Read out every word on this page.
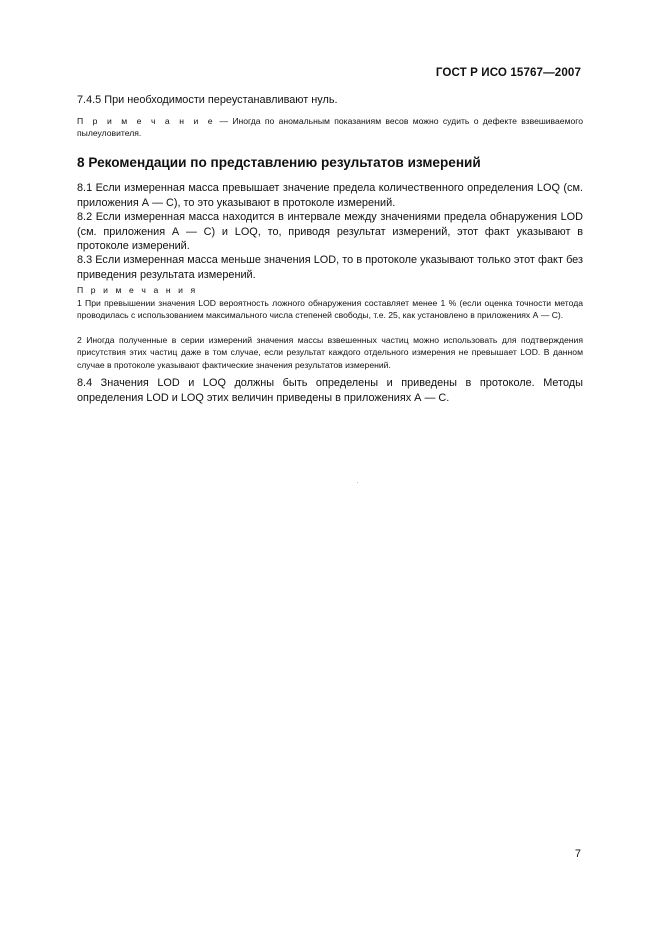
ГОСТ Р ИСО 15767—2007

7.4.5 При необходимости переустанавливают нуль.

П р и м е ч а н и е — Иногда по аномальным показаниям весов можно судить о дефекте взвешиваемого пылеуловителя.

8 Рекомендации по представлению результатов измерений

8.1 Если измеренная масса превышает значение предела количественного определения LOQ (см. приложения А — С), то это указывают в протоколе измерений.

8.2 Если измеренная масса находится в интервале между значениями предела обнаружения LOD (см. приложения А — С) и LOQ, то, приводя результат измерений, этот факт указывают в протоколе измерений.

8.3 Если измеренная масса меньше значения LOD, то в протоколе указывают только этот факт без приведения результата измерений.

П р и м е ч а н и я

1 При превышении значения LOD вероятность ложного обнаружения составляет менее 1 % (если оценка точности метода проводилась с использованием максимального числа степеней свободы, т.е. 25, как установлено в приложениях А — С).

2 Иногда полученные в серии измерений значения массы взвешенных частиц можно использовать для подтверждения присутствия этих частиц даже в том случае, если результат каждого отдельного измерения не превышает LOD. В данном случае в протоколе указывают фактические значения результатов измерений.

8.4 Значения LOD и LOQ должны быть определены и приведены в протоколе. Методы определения LOD и LOQ этих величин приведены в приложениях А — С.

7
